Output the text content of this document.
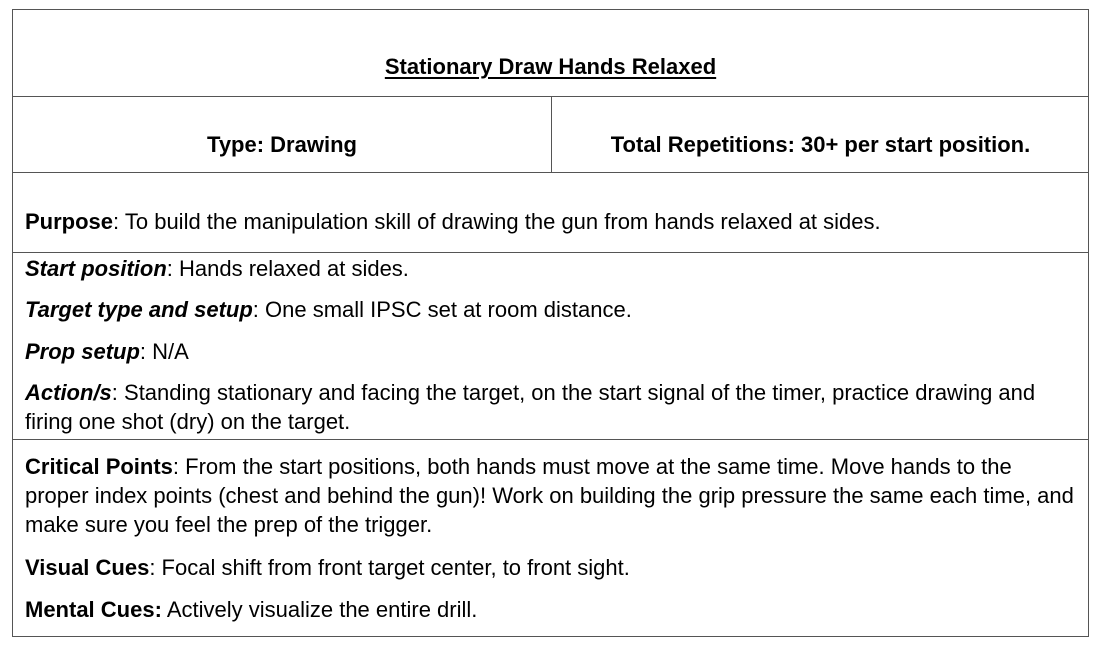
Stationary Draw Hands Relaxed
Type: Drawing	Total Repetitions: 30+ per start position.
Purpose: To build the manipulation skill of drawing the gun from hands relaxed at sides.
Start position: Hands relaxed at sides.
Target type and setup: One small IPSC set at room distance.
Prop setup: N/A
Action/s: Standing stationary and facing the target, on the start signal of the timer, practice drawing and firing one shot (dry) on the target.
Critical Points: From the start positions, both hands must move at the same time. Move hands to the proper index points (chest and behind the gun)! Work on building the grip pressure the same each time, and make sure you feel the prep of the trigger.
Visual Cues: Focal shift from front target center, to front sight.
Mental Cues: Actively visualize the entire drill.
